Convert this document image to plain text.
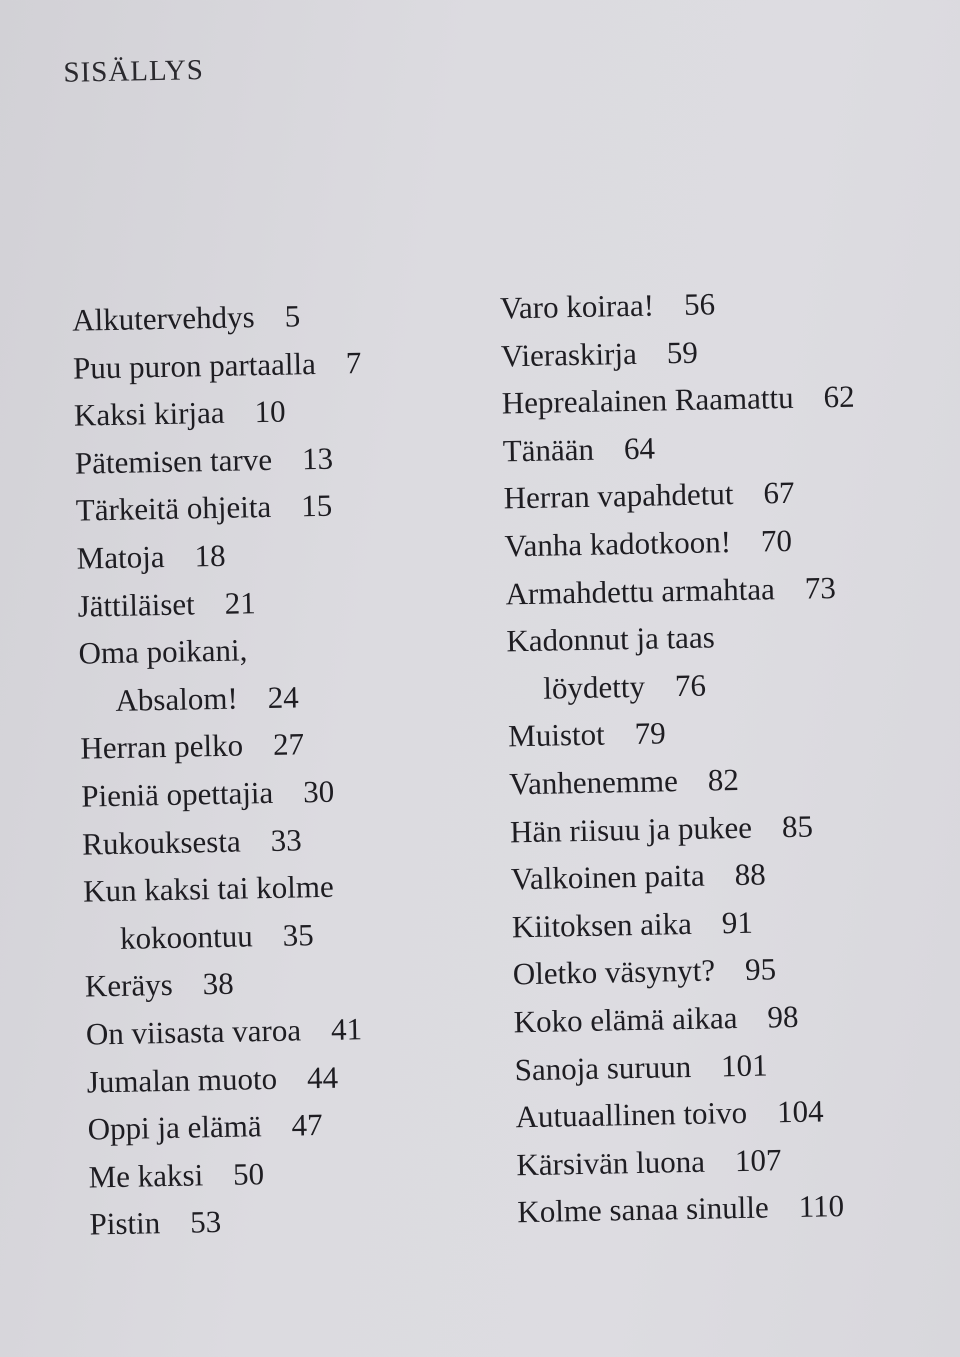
SISÄLLYS
Alkutervehdys 5
Puu puron partaalla 7
Kaksi kirjaa 10
Pätemisen tarve 13
Tärkeitä ohjeita 15
Matoja 18
Jättiläiset 21
Oma poikani,
Absalom! 24
Herran pelko 27
Pieniä opettajia 30
Rukouksesta 33
Kun kaksi tai kolme
kokoontuu 35
Keräys 38
On viisasta varoa 41
Jumalan muoto 44
Oppi ja elämä 47
Me kaksi 50
Pistin 53
Varo koiraa! 56
Vieraskirja 59
Heprealainen Raamattu 62
Tänään 64
Herran vapahdetut 67
Vanha kadotkoon! 70
Armahdettu armahtaa 73
Kadonnut ja taas
löydetty 76
Muistot 79
Vanhenemme 82
Hän riisuu ja pukee 85
Valkoinen paita 88
Kiitoksen aika 91
Oletko väsynyt? 95
Koko elämä aikaa 98
Sanoja suruun 101
Autuaallinen toivo 104
Kärsivän luona 107
Kolme sanaa sinulle 110
